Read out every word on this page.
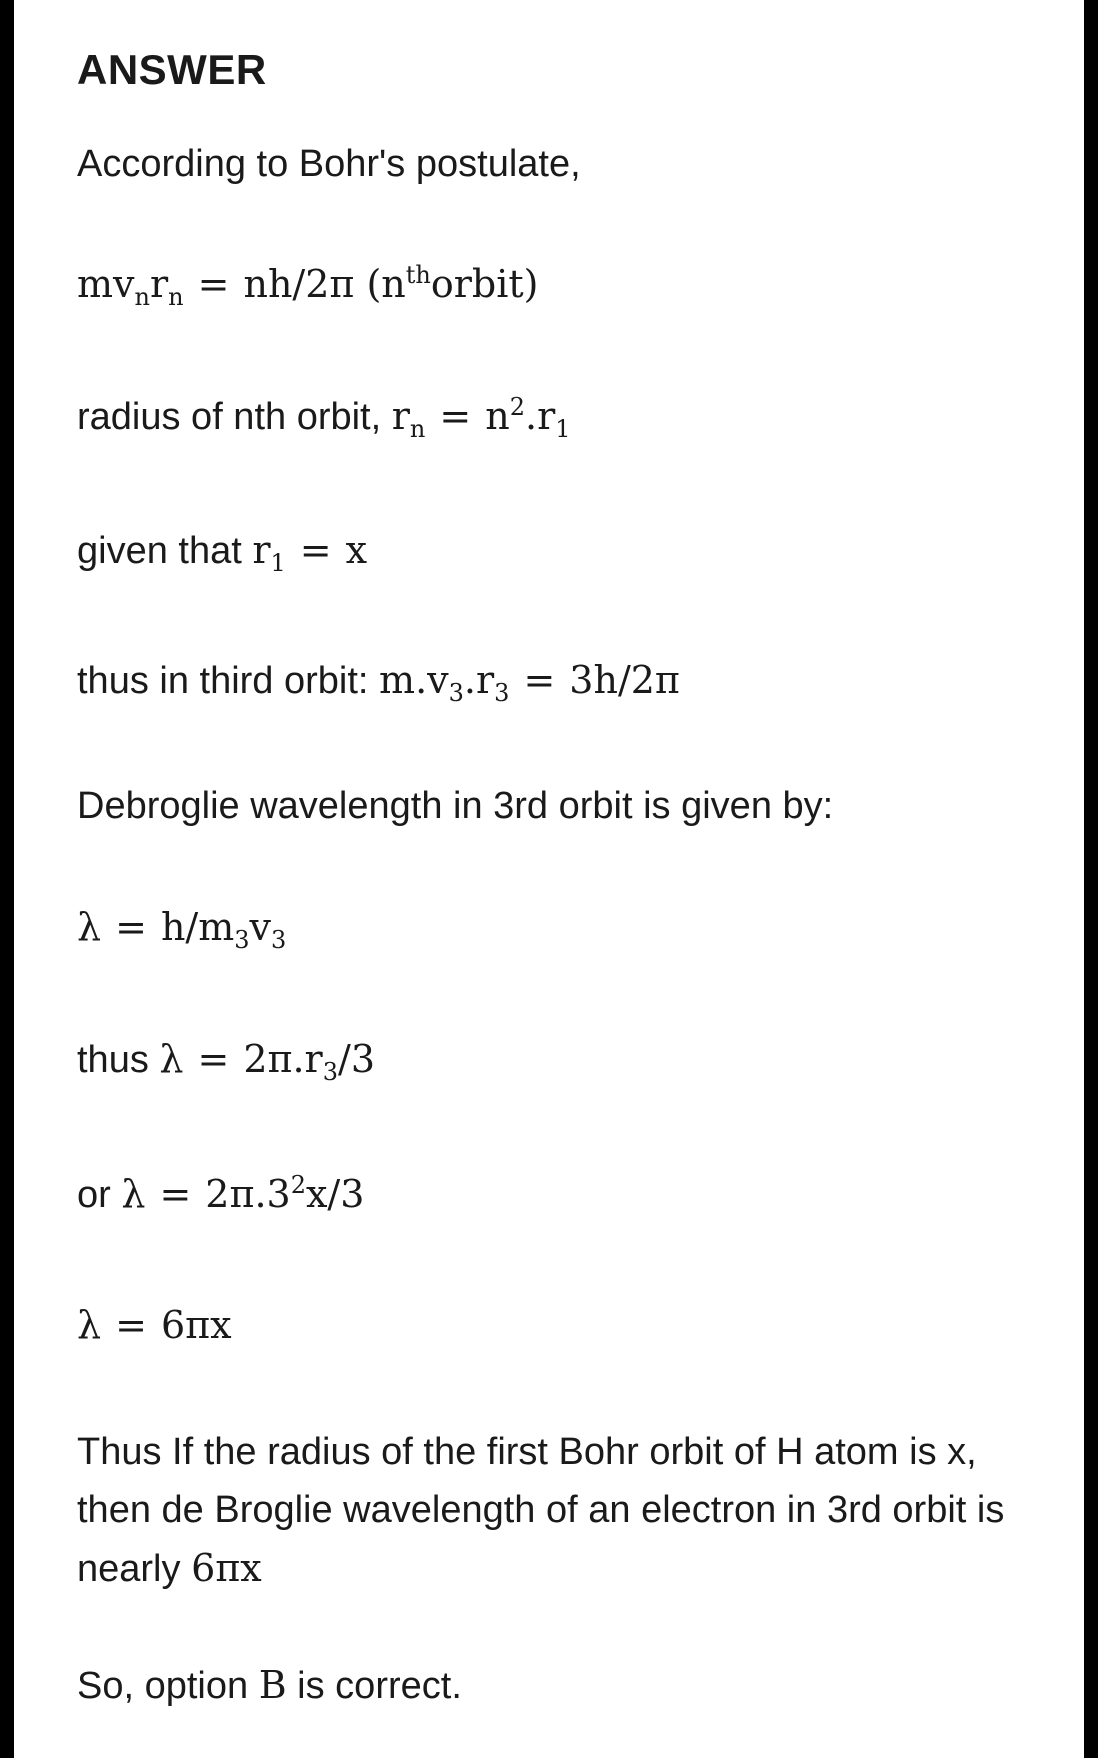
ANSWER
According to Bohr's postulate,
$mv_nr_n = nh/2\pi$ $(n^{th}orbit)$
radius of nth orbit, $r_n = n^2.r_1$
given that $r_1 = x$
thus in third orbit: $m.v_3.r_3 = 3h/2\pi$
Debroglie wavelength in 3rd orbit is given by:
$\lambda = h/m_3v_3$
thus $\lambda = 2\pi.r_3/3$
or $\lambda = 2\pi.3^2x/3$
λ = 6πx
Thus If the radius of the first Bohr orbit of H atom is x, then de Broglie wavelength of an electron in 3rd orbit is nearly 6πx
So, option B is correct.
